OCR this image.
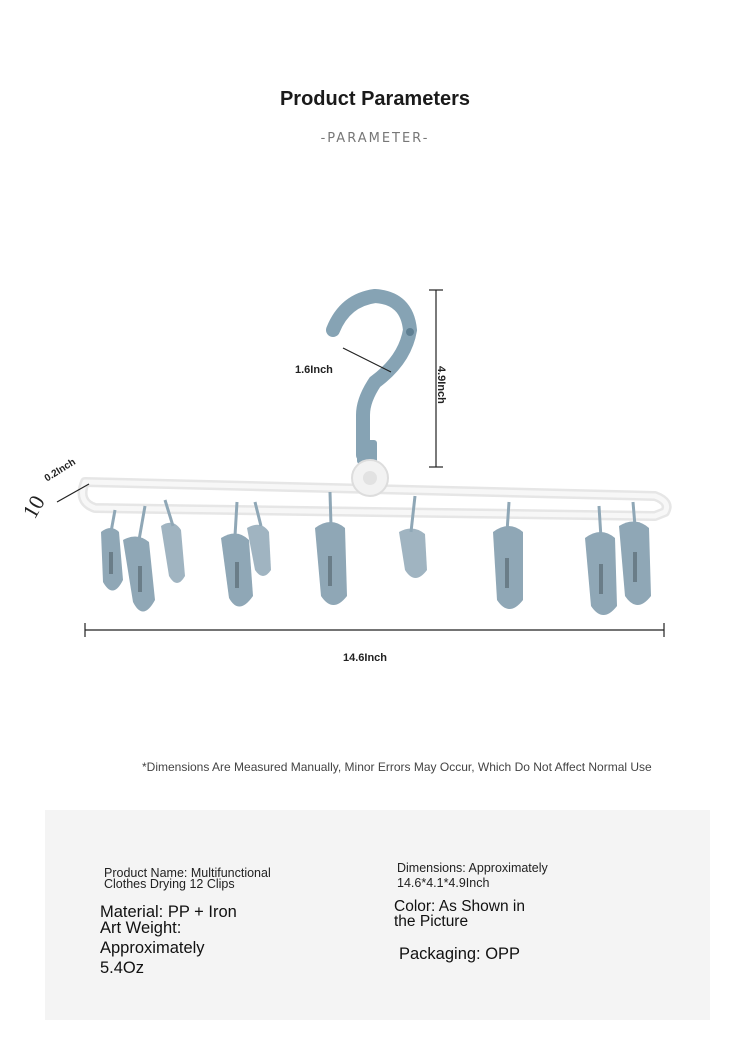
Product Parameters
-PARAMETER-
1.6Inch	4.9Inch
10
0.2Inch
14.6Inch
*Dimensions Are Measured Manually, Minor Errors May Occur, Which Do Not Affect Normal Use
Product Name: Multifunctional
Clothes Drying 12 Clips
Dimensions: Approximately
14.6*4.1*4.9Inch
Material: PP + Iron
Art Weight:
Approximately
5.4Oz
Color: As Shown in
the Picture
Packaging: OPP
